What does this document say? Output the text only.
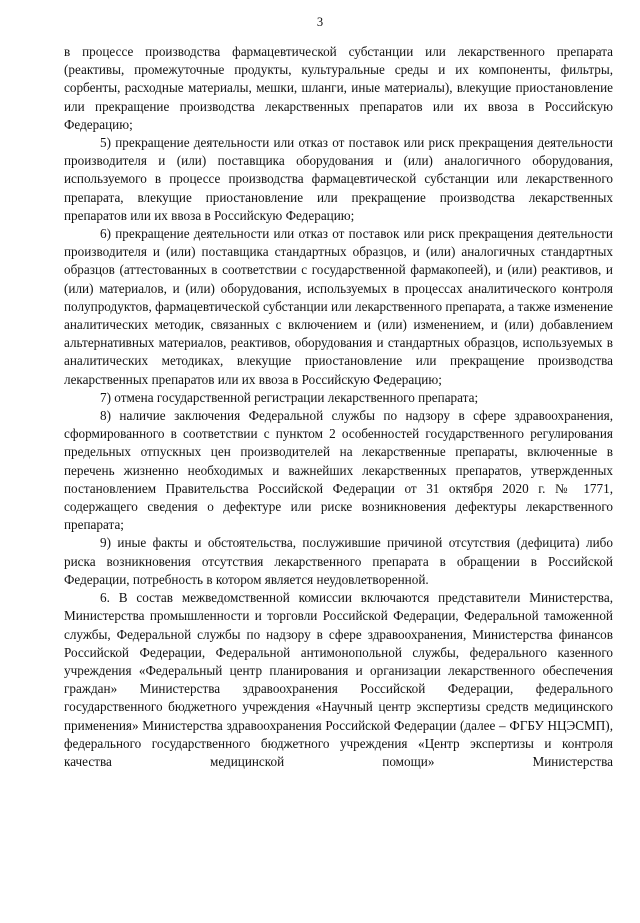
3

в процессе производства фармацевтической субстанции или лекарственного препарата (реактивы, промежуточные продукты, культуральные среды и их компоненты, фильтры, сорбенты, расходные материалы, мешки, шланги, иные материалы), влекущие приостановление или прекращение производства лекарственных препаратов или их ввоза в Российскую Федерацию;

5) прекращение деятельности или отказ от поставок или риск прекращения деятельности производителя и (или) поставщика оборудования и (или) аналогичного оборудования, используемого в процессе производства фармацевтической субстанции или лекарственного препарата, влекущие приостановление или прекращение производства лекарственных препаратов или их ввоза в Российскую Федерацию;

6) прекращение деятельности или отказ от поставок или риск прекращения деятельности производителя и (или) поставщика стандартных образцов, и (или) аналогичных стандартных образцов (аттестованных в соответствии с государственной фармакопеей), и (или) реактивов, и (или) материалов, и (или) оборудования, используемых в процессах аналитического контроля полупродуктов, фармацевтической субстанции или лекарственного препарата, а также изменение аналитических методик, связанных с включением и (или) изменением, и (или) добавлением альтернативных материалов, реактивов, оборудования и стандартных образцов, используемых в аналитических методиках, влекущие приостановление или прекращение производства лекарственных препаратов или их ввоза в Российскую Федерацию;

7) отмена государственной регистрации лекарственного препарата;

8) наличие заключения Федеральной службы по надзору в сфере здравоохранения, сформированного в соответствии с пунктом 2 особенностей государственного регулирования предельных отпускных цен производителей на лекарственные препараты, включенные в перечень жизненно необходимых и важнейших лекарственных препаратов, утвержденных постановлением Правительства Российской Федерации от 31 октября 2020 г. № 1771, содержащего сведения о дефектуре или риске возникновения дефектуры лекарственного препарата;

9) иные факты и обстоятельства, послужившие причиной отсутствия (дефицита) либо риска возникновения отсутствия лекарственного препарата в обращении в Российской Федерации, потребность в котором является неудовлетворенной.

6. В состав межведомственной комиссии включаются представители Министерства, Министерства промышленности и торговли Российской Федерации, Федеральной таможенной службы, Федеральной службы по надзору в сфере здравоохранения, Министерства финансов Российской Федерации, Федеральной антимонопольной службы, федерального казенного учреждения «Федеральный центр планирования и организации лекарственного обеспечения граждан» Министерства здравоохранения Российской Федерации, федерального государственного бюджетного учреждения «Научный центр экспертизы средств медицинского применения» Министерства здравоохранения Российской Федерации (далее – ФГБУ НЦЭСМП), федерального государственного бюджетного учреждения «Центр экспертизы и контроля качества медицинской помощи» Министерства
